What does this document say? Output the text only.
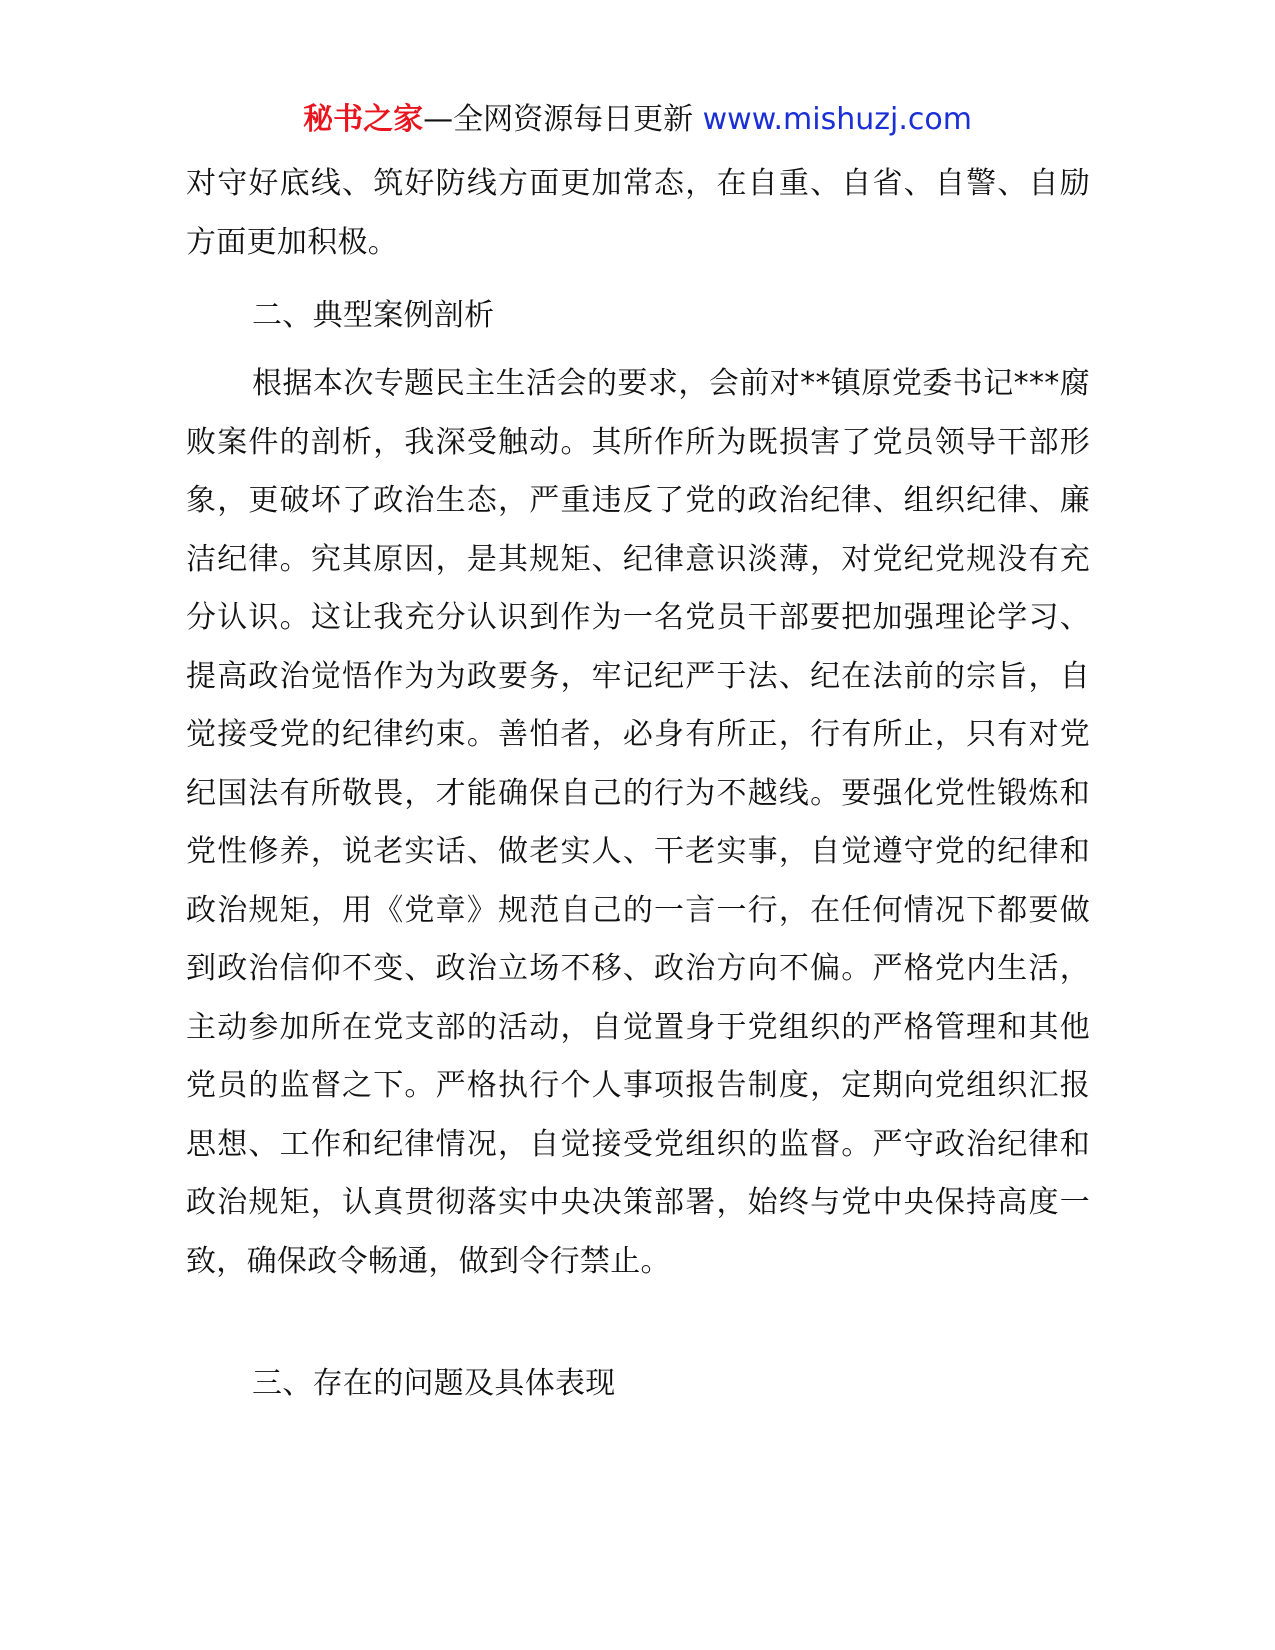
秘书之家—全网资源每日更新 www.mishuzj.com
对守好底线、筑好防线方面更加常态，在自重、自省、自警、自励方面更加积极。
二、典型案例剖析
根据本次专题民主生活会的要求，会前对**镇原党委书记***腐败案件的剖析，我深受触动。其所作所为既损害了党员领导干部形象，更破坏了政治生态，严重违反了党的政治纪律、组织纪律、廉洁纪律。究其原因，是其规矩、纪律意识淡薄，对党纪党规没有充分认识。这让我充分认识到作为一名党员干部要把加强理论学习、提高政治觉悟作为为政要务，牢记纪严于法、纪在法前的宗旨，自觉接受党的纪律约束。善怕者，必身有所正，行有所止，只有对党纪国法有所敬畏，才能确保自己的行为不越线。要强化党性锻炼和党性修养，说老实话、做老实人、干老实事，自觉遵守党的纪律和政治规矩，用《党章》规范自己的一言一行，在任何情况下都要做到政治信仰不变、政治立场不移、政治方向不偏。严格党内生活，主动参加所在党支部的活动，自觉置身于党组织的严格管理和其他党员的监督之下。严格执行个人事项报告制度，定期向党组织汇报思想、工作和纪律情况，自觉接受党组织的监督。严守政治纪律和政治规矩，认真贯彻落实中央决策部署，始终与党中央保持高度一致，确保政令畅通，做到令行禁止。
三、存在的问题及具体表现
